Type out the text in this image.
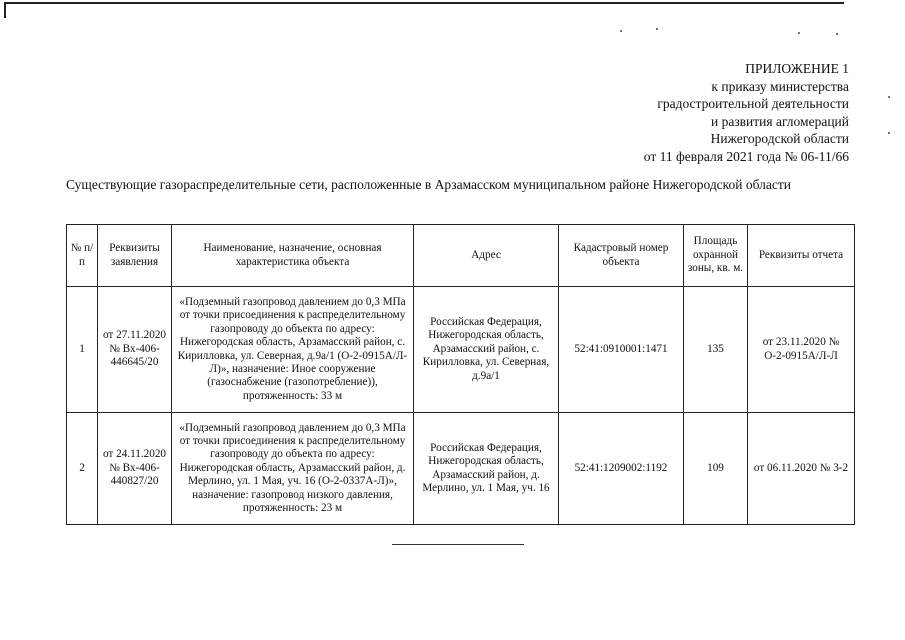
ПРИЛОЖЕНИЕ 1
к приказу министерства
градостроительной деятельности
и развития агломераций
Нижегородской области
от 11 февраля 2021 года № 06-11/66
Существующие газораспределительные сети, расположенные в Арзамасском муниципальном районе Нижегородской области
№ п/п	Реквизиты заявления	Наименование, назначение, основная характеристика объекта	Адрес	Кадастровый номер объекта	Площадь охранной зоны, кв. м.	Реквизиты отчета
1	от 27.11.2020 № Вх-406-446645/20	«Подземный газопровод давлением до 0,3 МПа от точки присоединения к распределительному газопроводу до объекта по адресу: Нижегородская область, Арзамасский район, с. Кирилловка, ул. Северная, д.9а/1 (О-2-0915А/Л-Л)», назначение: Иное сооружение (газоснабжение (газопотребление)), протяженность: 33 м	Российская Федерация, Нижегородская область, Арзамасский район, с. Кирилловка, ул. Северная, д.9а/1	52:41:0910001:1471	135	от 23.11.2020 № О-2-0915А/Л-Л
2	от 24.11.2020 № Вх-406-440827/20	«Подземный газопровод давлением до 0,3 МПа от точки присоединения к распределительному газопроводу до объекта по адресу: Нижегородская область, Арзамасский район, д. Мерлино, ул. 1 Мая, уч. 16 (О-2-0337А-Л)», назначение: газопровод низкого давления, протяженность: 23 м	Российская Федерация, Нижегородская область, Арзамасский район, д. Мерлино, ул. 1 Мая, уч. 16	52:41:1209002:1192	109	от 06.11.2020 № 3-2
